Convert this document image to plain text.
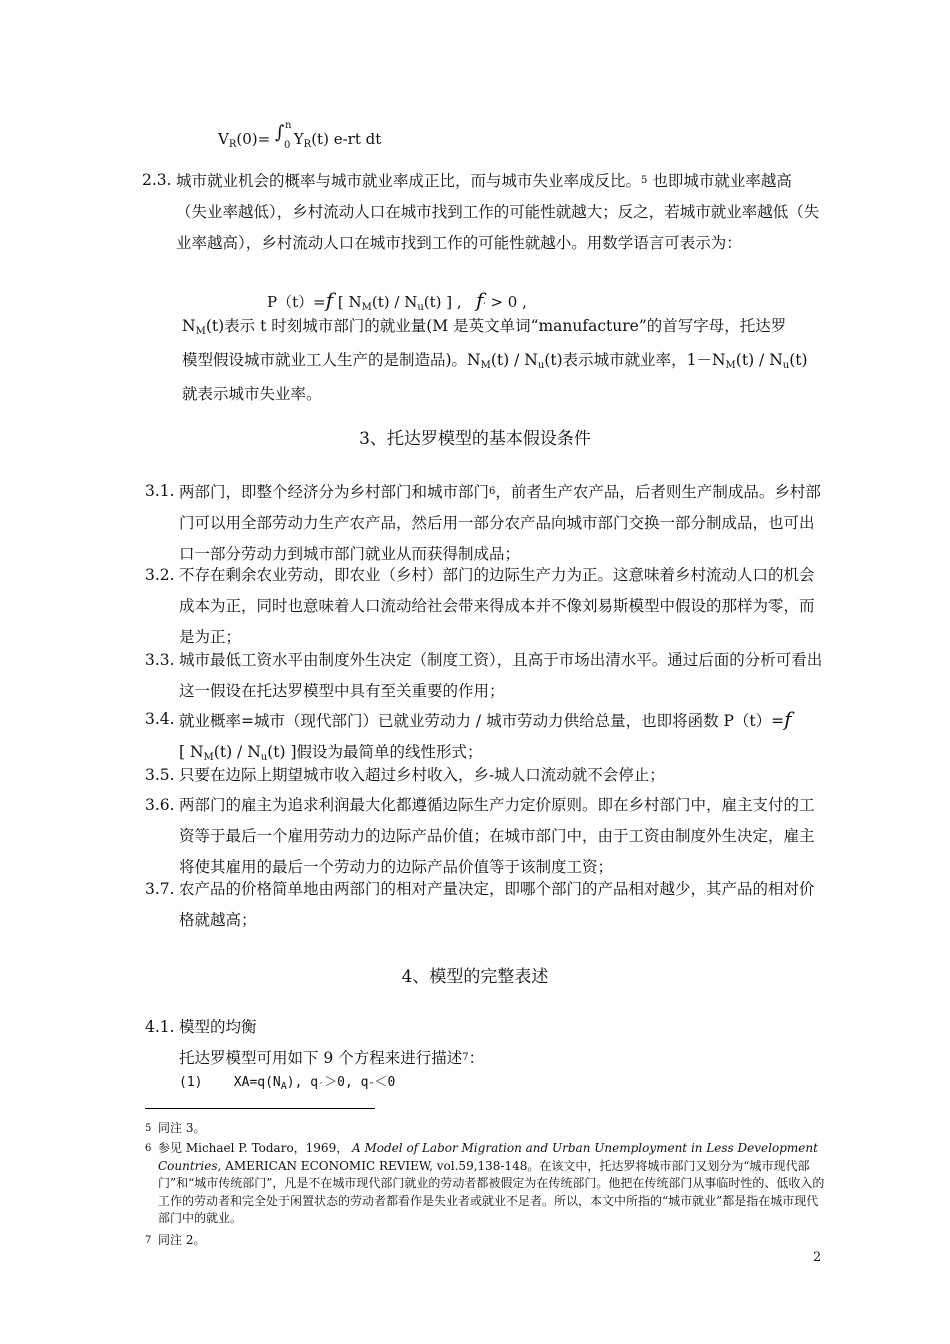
$V_R(0)=$ ∫ n
0 $Y_R(t)$ e-rt dt
2.3. 城市就业机会的概率与城市就业率成正比，而与城市失业率成反比。5 也即城市就业率越高（失业率越低），乡村流动人口在城市找到工作的可能性就越大；反之，若城市就业率越低（失业率越高），乡村流动人口在城市找到工作的可能性就越小。用数学语言可表示为：
P（t）=f [ $N_M(t) / N_u(t)$ ] , $f' > 0$ ,
$N_M(t)$表示 t 时刻城市部门的就业量(M 是英文单词“manufacture”的首写字母，托达罗
模型假设城市就业工人生产的是制造品)。$N_M(t) / N_u(t)$表示城市就业率，$1-N_M(t) / N_u(t)$
就表示城市失业率。
3、托达罗模型的基本假设条件
3.1. 两部门，即整个经济分为乡村部门和城市部门6，前者生产农产品，后者则生产制成品。乡村部门可以用全部劳动力生产农产品，然后用一部分农产品向城市部门交换一部分制成品，也可出口一部分劳动力到城市部门就业从而获得制成品；
3.2. 不存在剩余农业劳动，即农业（乡村）部门的边际生产力为正。这意味着乡村流动人口的机会成本为正，同时也意味着人口流动给社会带来得成本并不像刘易斯模型中假设的那样为零，而是为正；
3.3. 城市最低工资水平由制度外生决定（制度工资），且高于市场出清水平。通过后面的分析可看出这一假设在托达罗模型中具有至关重要的作用；
3.4. 就业概率=城市（现代部门）已就业劳动力 / 城市劳动力供给总量，也即将函数 P（t）=f
[ $N_M(t) / N_u(t)$ ]假设为最简单的线性形式；
3.5. 只要在边际上期望城市收入超过乡村收入，乡-城人口流动就不会停止；
3.6. 两部门的雇主为追求利润最大化都遵循边际生产力定价原则。即在乡村部门中，雇主支付的工资等于最后一个雇用劳动力的边际产品价值；在城市部门中，由于工资由制度外生决定，雇主将使其雇用的最后一个劳动力的边际产品价值等于该制度工资；
3.7. 农产品的价格简单地由两部门的相对产量决定，即哪个部门的产品相对越少，其产品的相对价格就越高；
4、模型的完整表述
4.1. 模型的均衡
托达罗模型可用如下 9 个方程来进行描述7：
(1) $XA=q(N_A)$, $q'>0$, $q''<0$
5 同注 3。
6 参见 Michael P. Todaro，1969， A Model of Labor Migration and Urban Unemployment in Less Development Countries, AMERICAN ECONOMIC REVIEW, vol.59,138-148。在该文中，托达罗将城市部门又划分为“城市现代部门”和“城市传统部门”，凡是不在城市现代部门就业的劳动者都被假定为在传统部门。他把在传统部门从事临时性的、低收入的工作的劳动者和完全处于闲置状态的劳动者都看作是失业者或就业不足者。所以，本文中所指的“城市就业”都是指在城市现代部门中的就业。
7 同注 2。
2
